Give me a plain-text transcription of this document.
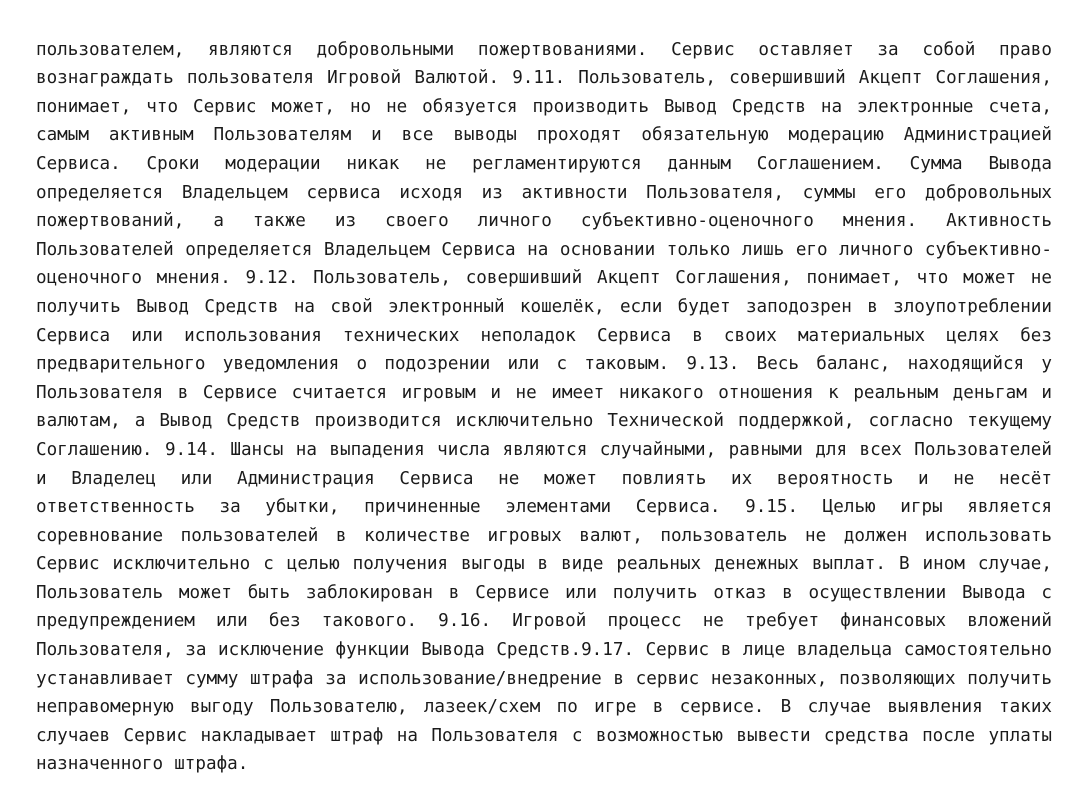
пользователем, являются добровольными пожертвованиями. Сервис оставляет за собой право вознаграждать пользователя Игровой Валютой. 9.11. Пользователь, совершивший Акцепт Соглашения, понимает, что Сервис может, но не обязуется производить Вывод Средств на электронные счета, самым активным Пользователям и все выводы проходят обязательную модерацию Администрацией Сервиса. Сроки модерации никак не регламентируются данным Соглашением. Сумма Вывода определяется Владельцем сервиса исходя из активности Пользователя, суммы его добровольных пожертвований, а также из своего личного субъективно-оценочного мнения. Активность Пользователей определяется Владельцем Сервиса на основании только лишь его личного субъективно-оценочного мнения. 9.12. Пользователь, совершивший Акцепт Соглашения, понимает, что может не получить Вывод Средств на свой электронный кошелёк, если будет заподозрен в злоупотреблении Сервиса или использования технических неполадок Сервиса в своих материальных целях без предварительного уведомления о подозрении или с таковым. 9.13. Весь баланс, находящийся у Пользователя в Сервисе считается игровым и не имеет никакого отношения к реальным деньгам и валютам, а Вывод Средств производится исключительно Технической поддержкой, согласно текущему Соглашению. 9.14. Шансы на выпадения числа являются случайными, равными для всех Пользователей и Владелец или Администрация Сервиса не может повлиять их вероятность и не несёт ответственность за убытки, причиненные элементами Сервиса. 9.15. Целью игры является соревнование пользователей в количестве игровых валют, пользователь не должен использовать Сервис исключительно с целью получения выгоды в виде реальных денежных выплат. В ином случае, Пользователь может быть заблокирован в Сервисе или получить отказ в осуществлении Вывода с предупреждением или без такового. 9.16. Игровой процесс не требует финансовых вложений Пользователя, за исключение функции Вывода Средств.9.17. Сервис в лице владельца самостоятельно устанавливает сумму штрафа за использование/внедрение в сервис незаконных, позволяющих получить неправомерную выгоду Пользователю, лазеек/схем по игре в сервисе. В случае выявления таких случаев Сервис накладывает штраф на Пользователя с возможностью вывести средства после уплаты назначенного штрафа.
